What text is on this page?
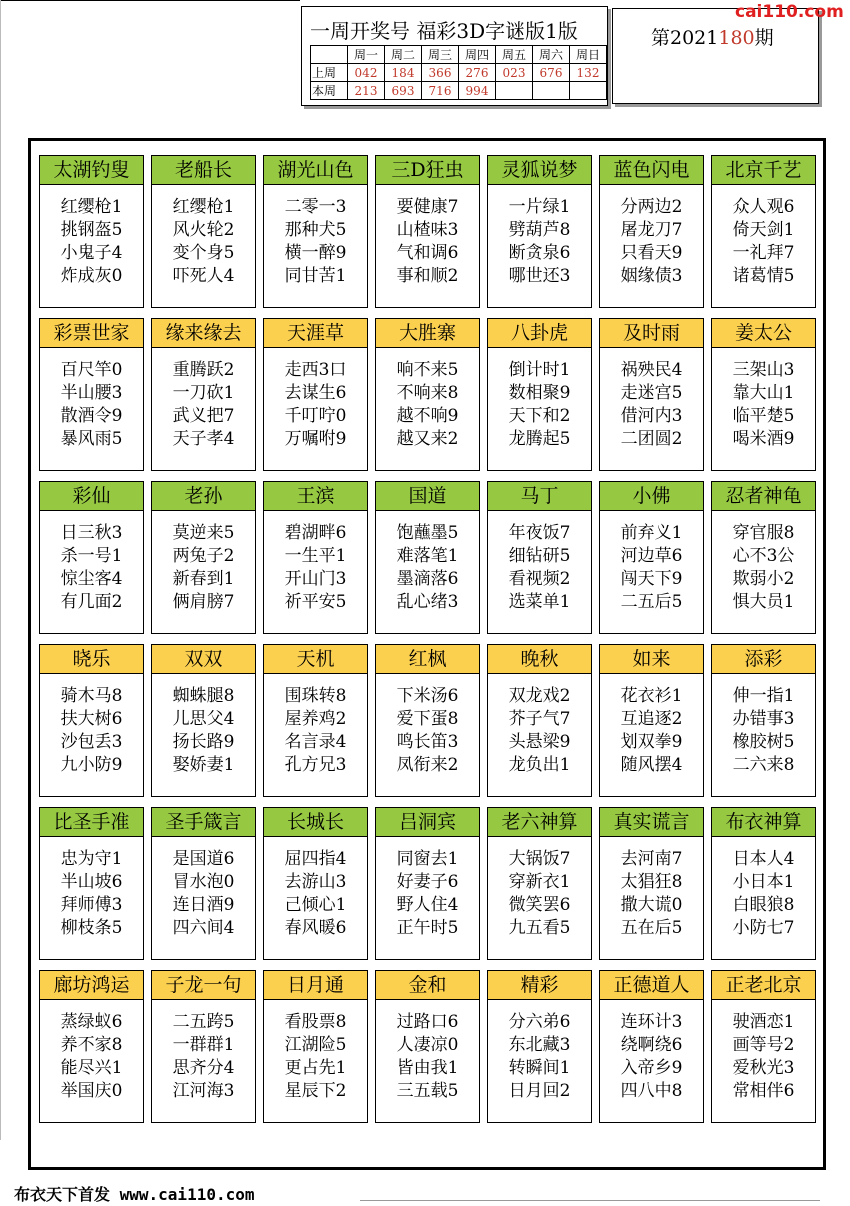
一周开奖号 福彩3D字谜版1版
	周一	周二	周三	周四	周五	周六	周日
上周	042	184	366	276	023	676	132
本周	213	693	716	994			
第2021180期
cai110.com
太湖钓叟
红缨枪1
挑钢盔5
小鬼子4
炸成灰0
老船长
红缨枪1
风火轮2
变个身5
吓死人4
湖光山色
二零一3
那种犬5
横一醉9
同甘苦1
三D狂虫
要健康7
山楂味3
气和调6
事和顺2
灵狐说梦
一片绿1
劈葫芦8
断贪泉6
哪世还3
蓝色闪电
分两边2
屠龙刀7
只看天9
姻缘债3
北京千艺
众人观6
倚天剑1
一礼拜7
诸葛情5
彩票世家
百尺竿0
半山腰3
散酒令9
暴风雨5
缘来缘去
重腾跃2
一刀砍1
武义把7
天子孝4
天涯草
走西3口
去谋生6
千叮咛0
万嘱咐9
大胜寨
响不来5
不响来8
越不响9
越又来2
八卦虎
倒计时1
数相聚9
天下和2
龙腾起5
及时雨
祸殃民4
走迷宫5
借河内3
二团圆2
姜太公
三架山3
靠大山1
临平楚5
喝米酒9
彩仙
日三秋3
杀一号1
惊尘客4
有几面2
老孙
莫逆来5
两兔子2
新春到1
俩肩膀7
王滨
碧湖畔6
一生平1
开山门3
祈平安5
国道
饱蘸墨5
难落笔1
墨滴落6
乱心绪3
马丁
年夜饭7
细钻研5
看视频2
选菜单1
小佛
前弃义1
河边草6
闯天下9
二五后5
忍者神龟
穿官服8
心不3公
欺弱小2
惧大员1
晓乐
骑木马8
扶大树6
沙包丢3
九小防9
双双
蜘蛛腿8
儿思父4
扬长路9
娶娇妻1
天机
围珠转8
屋养鸡2
名言录4
孔方兄3
红枫
下米汤6
爱下蛋8
鸣长笛3
凤衔来2
晚秋
双龙戏2
芥子气7
头悬梁9
龙负出1
如来
花衣衫1
互追逐2
划双拳9
随风摆4
添彩
伸一指1
办错事3
橡胶树5
二六来8
比圣手准
忠为守1
半山坡6
拜师傅3
柳枝条5
圣手箴言
是国道6
冒水泡0
连日酒9
四六间4
长城长
屈四指4
去游山3
己倾心1
春风暖6
吕洞宾
同窗去1
好妻子6
野人住4
正午时5
老六神算
大锅饭7
穿新衣1
微笑罢6
九五看5
真实谎言
去河南7
太猖狂8
撒大谎0
五在后5
布衣神算
日本人4
小日本1
白眼狼8
小防七7
廊坊鸿运
蒸绿蚁6
养不家8
能尽兴1
举国庆0
子龙一句
二五跨5
一群群1
思齐分4
江河海3
日月通
看股票8
江湖险5
更占先1
星辰下2
金和
过路口6
人凄凉0
皆由我1
三五载5
精彩
分六弟6
东北藏3
转瞬间1
日月回2
正德道人
连环计3
绕啊绕6
入帝乡9
四八中8
正老北京
驶酒恋1
画等号2
爱秋光3
常相伴6
布衣天下首发 www.cai110.com
